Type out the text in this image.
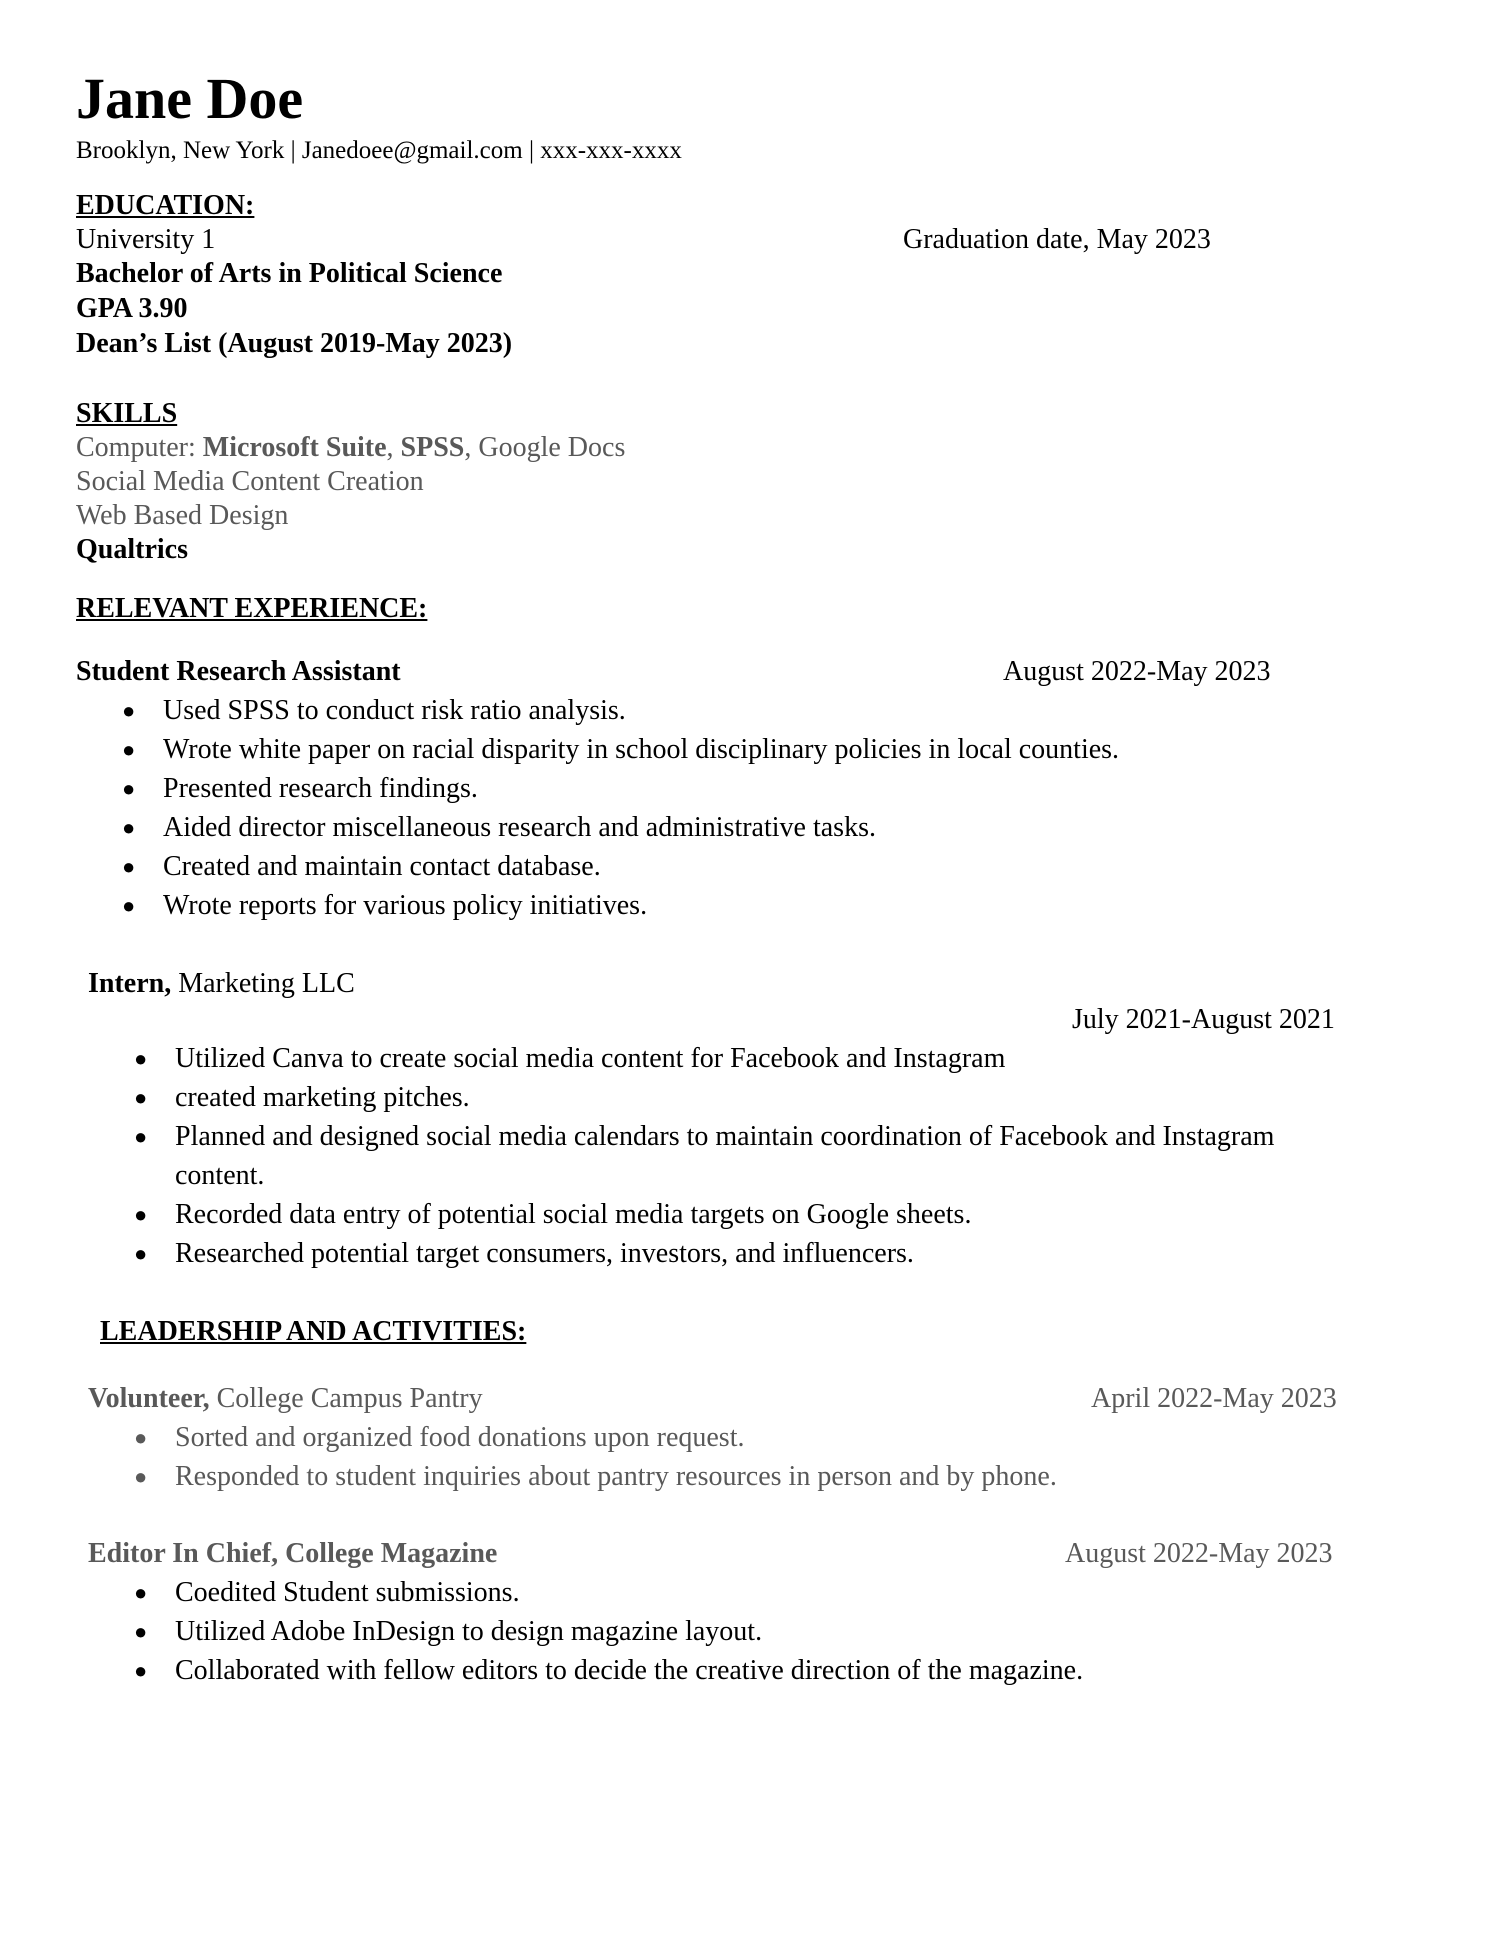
Jane Doe
Brooklyn, New York | Janedoee@gmail.com | xxx-xxx-xxxx
EDUCATION:
University 1	Graduation date, May 2023
Bachelor of Arts in Political Science
GPA 3.90
Dean’s List (August 2019-May 2023)
SKILLS
Computer: Microsoft Suite, SPSS, Google Docs
Social Media Content Creation
Web Based Design
Qualtrics
RELEVANT EXPERIENCE:
Student Research Assistant	August 2022-May 2023
● Used SPSS to conduct risk ratio analysis.
● Wrote white paper on racial disparity in school disciplinary policies in local counties.
● Presented research findings.
● Aided director miscellaneous research and administrative tasks.
● Created and maintain contact database.
● Wrote reports for various policy initiatives.
Intern, Marketing LLC
July 2021-August 2021
● Utilized Canva to create social media content for Facebook and Instagram
● created marketing pitches.
● Planned and designed social media calendars to maintain coordination of Facebook and Instagram
content.
● Recorded data entry of potential social media targets on Google sheets.
● Researched potential target consumers, investors, and influencers.
LEADERSHIP AND ACTIVITIES:
Volunteer, College Campus Pantry	April 2022-May 2023
● Sorted and organized food donations upon request.
● Responded to student inquiries about pantry resources in person and by phone.
Editor In Chief, College Magazine	August 2022-May 2023
● Coedited Student submissions.
● Utilized Adobe InDesign to design magazine layout.
● Collaborated with fellow editors to decide the creative direction of the magazine.
